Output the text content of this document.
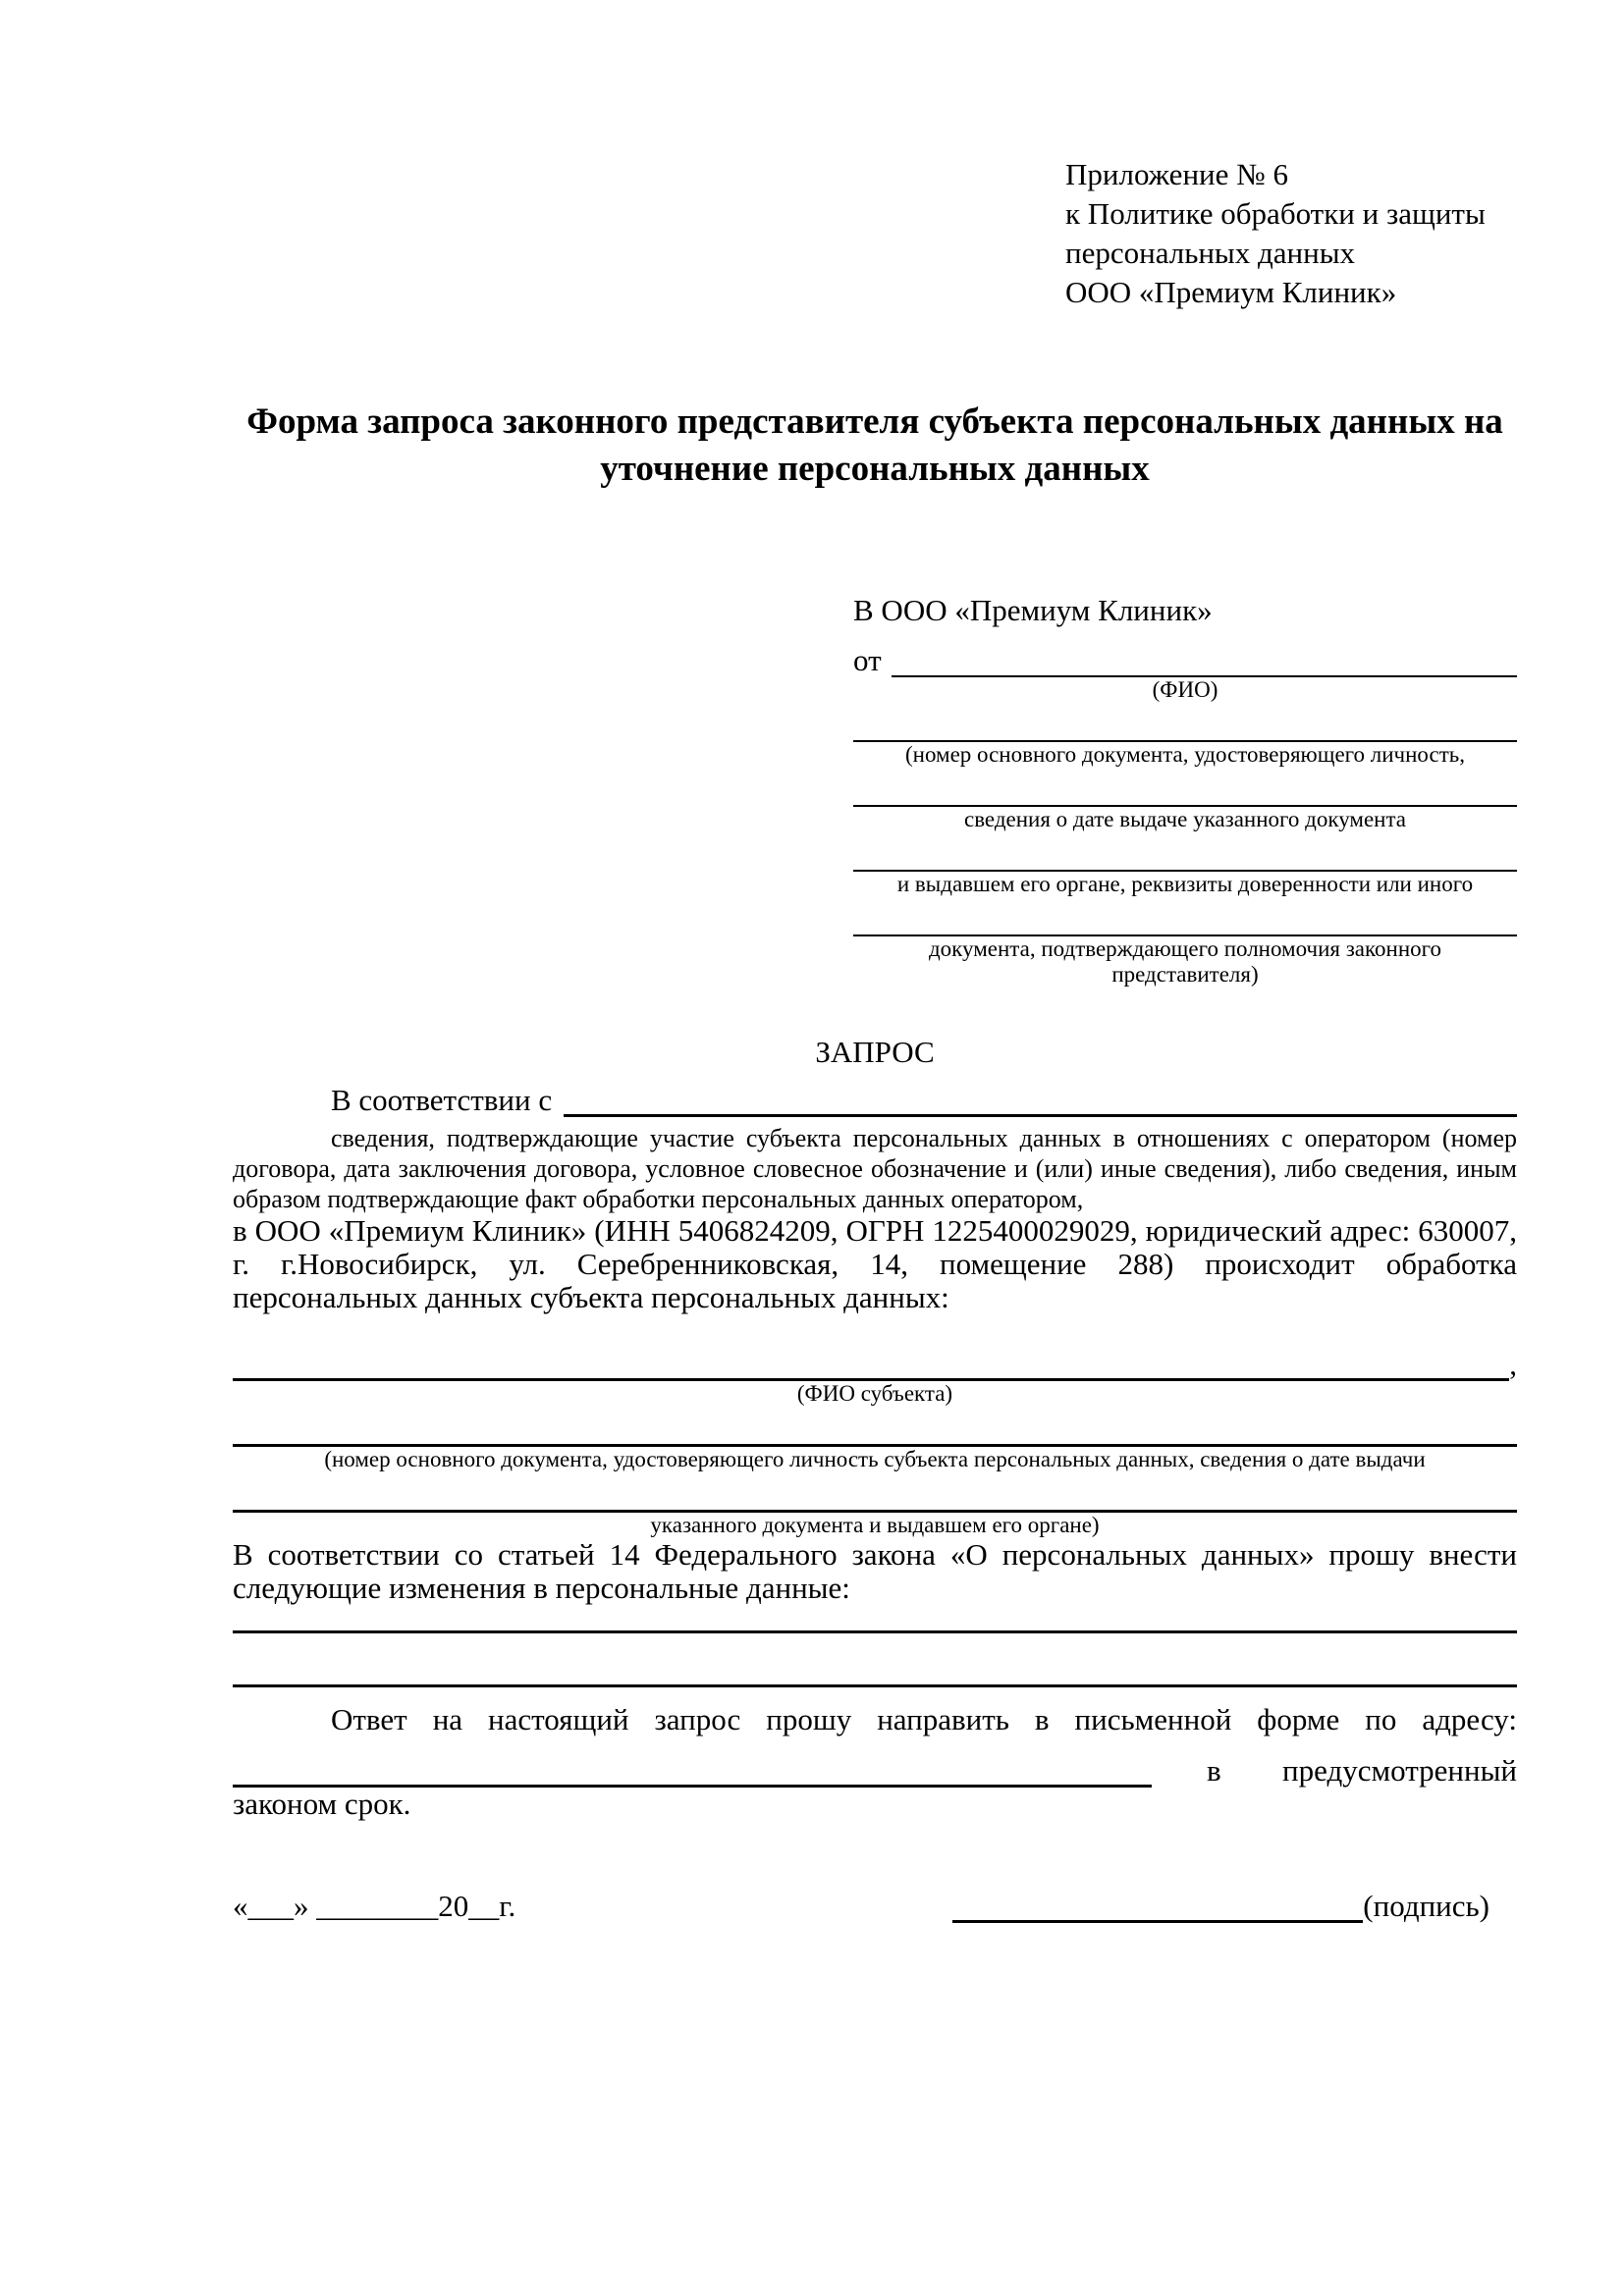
Приложение № 6
к Политике обработки и защиты
персональных данных
ООО «Премиум Клиник»
Форма запроса законного представителя субъекта персональных данных на уточнение персональных данных
В ООО «Премиум Клиник»
от
(ФИО)
(номер основного документа, удостоверяющего личность,
сведения о дате выдаче указанного документа
и выдавшем его органе, реквизиты доверенности или иного
документа, подтверждающего полномочия законного представителя)
ЗАПРОС
В соответствии с
сведения, подтверждающие участие субъекта персональных данных в отношениях с оператором (номер договора, дата заключения договора, условное словесное обозначение и (или) иные сведения), либо сведения, иным образом подтверждающие факт обработки персональных данных оператором,
в ООО «Премиум Клиник» (ИНН 5406824209, ОГРН 1225400029029, юридический адрес: 630007, г. г.Новосибирск, ул. Серебренниковская, 14, помещение 288) происходит обработка персональных данных субъекта персональных данных:
,
(ФИО субъекта)
(номер основного документа, удостоверяющего личность субъекта персональных данных, сведения о дате выдачи
указанного документа и выдавшем его органе)
В соответствии со статьей 14 Федерального закона «О персональных данных» прошу внести следующие изменения в персональные данные:
Ответ на настоящий запрос прошу направить в письменной форме по адресу:
в предусмотренный
законом срок.
«___» ________20__г.	(подпись)
